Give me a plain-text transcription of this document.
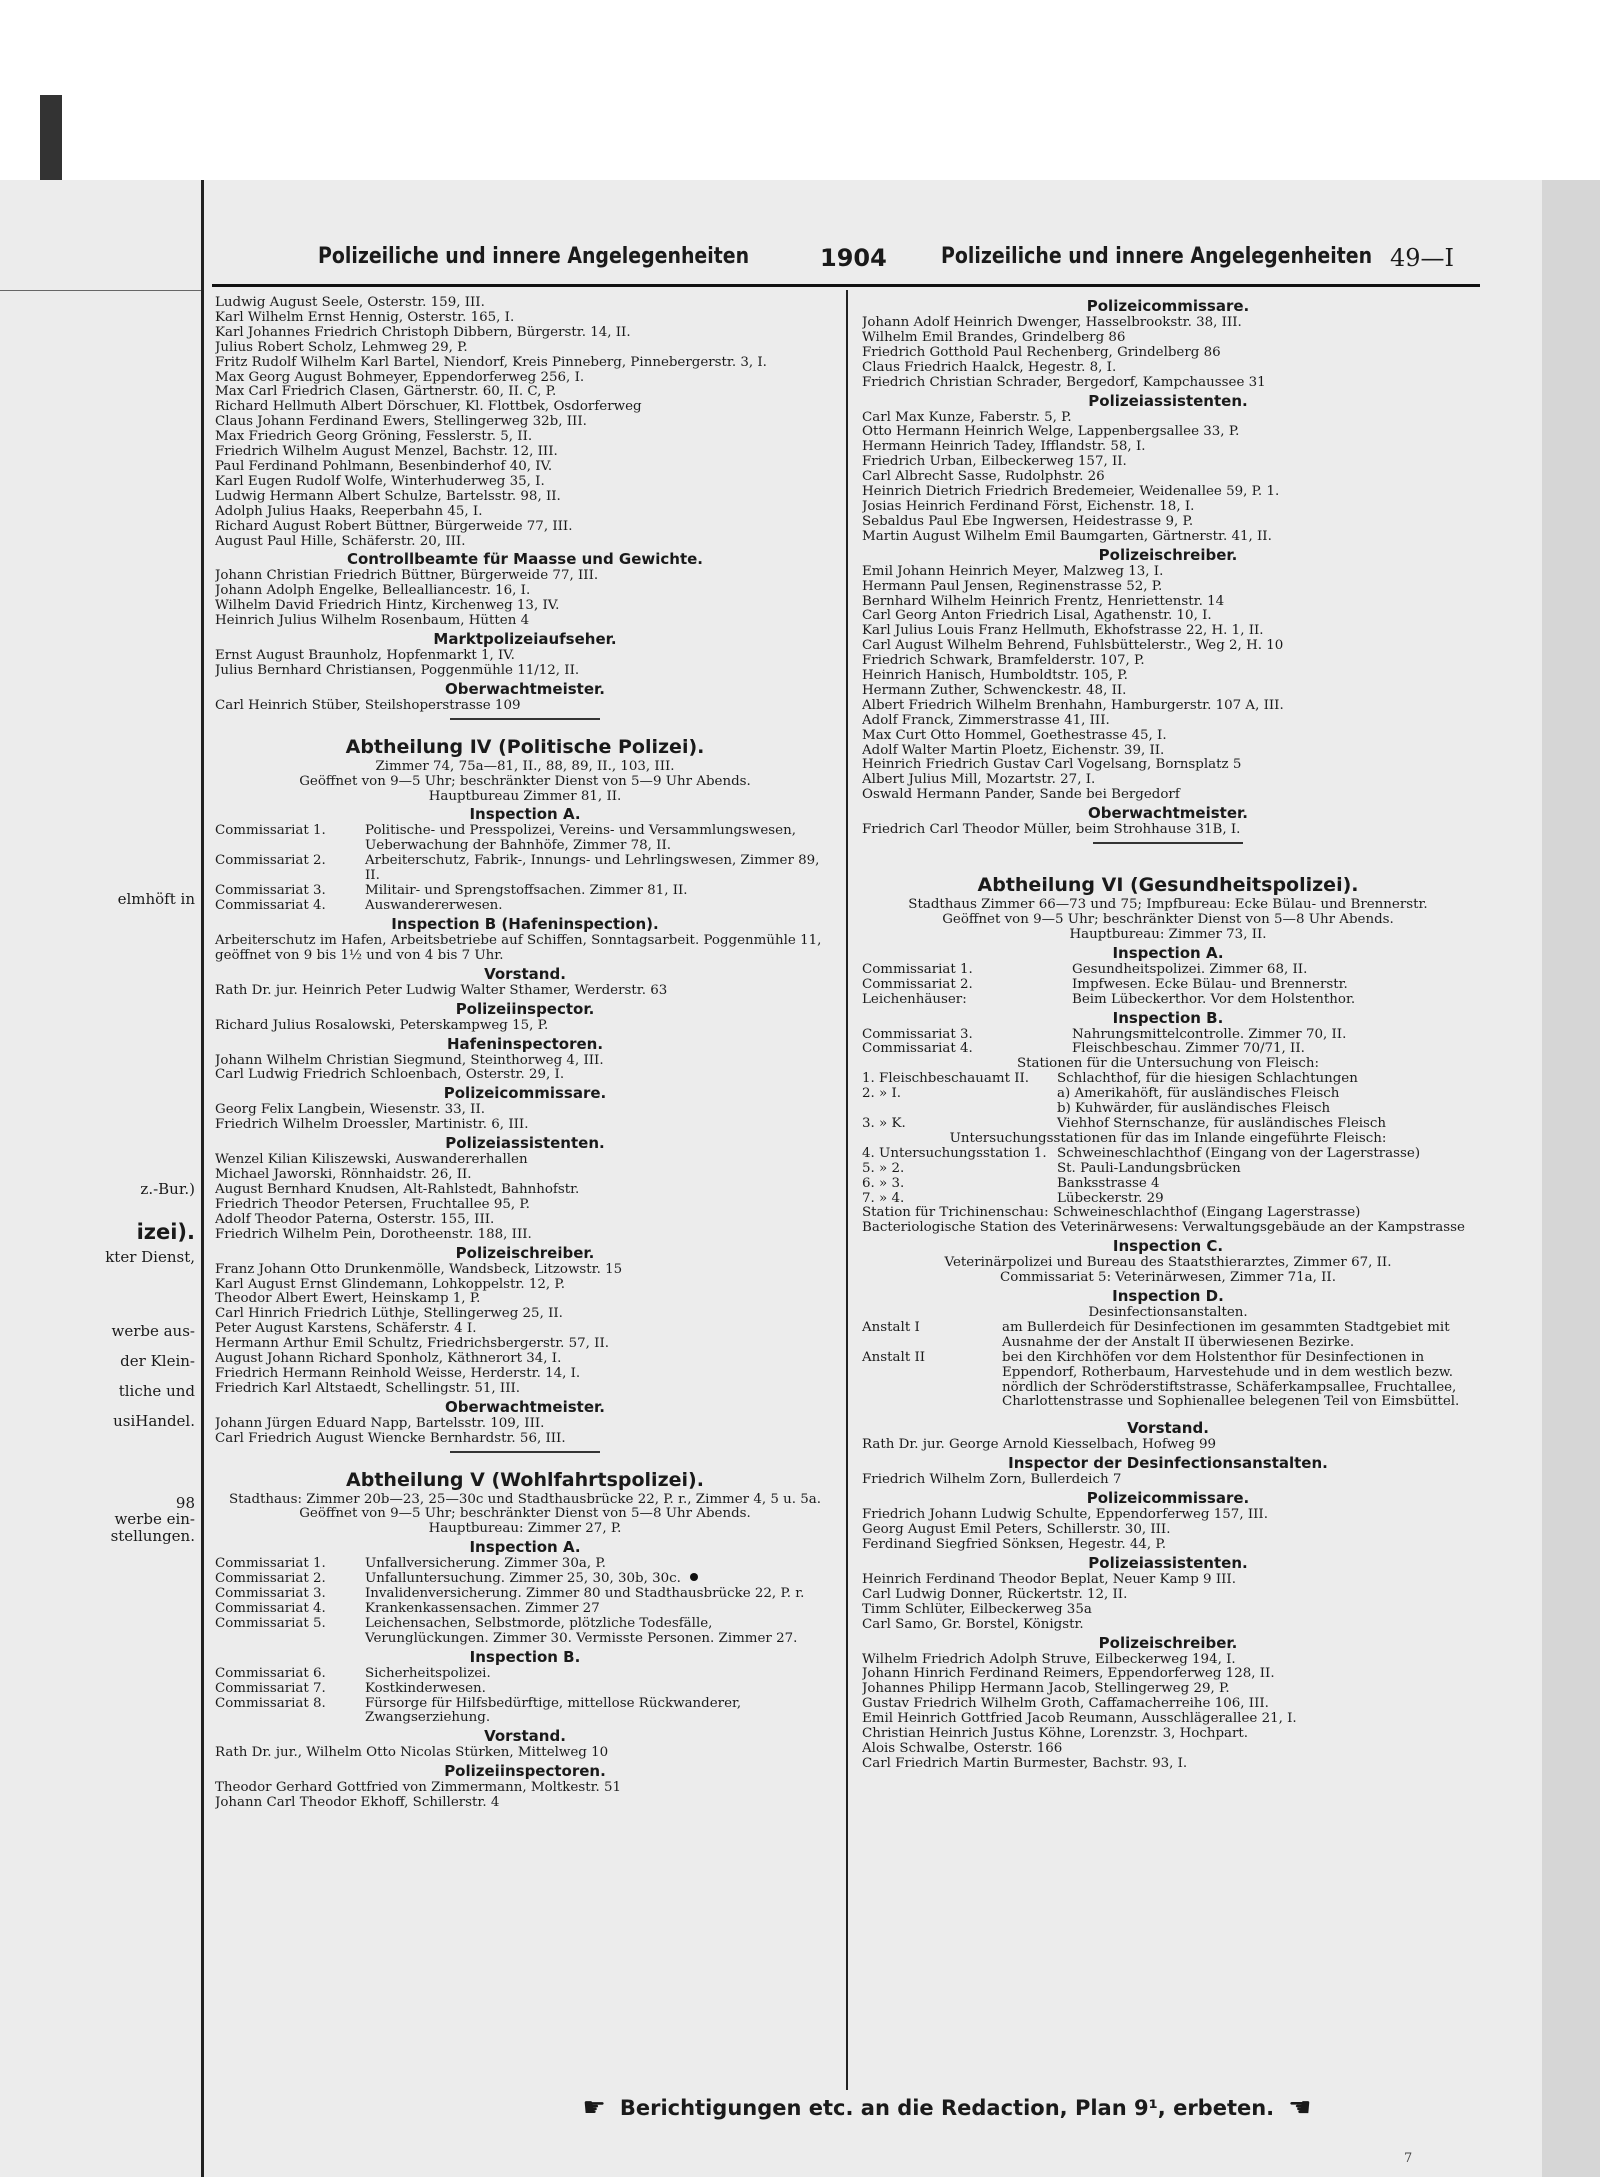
elmhöft in
z.-Bur.)
izei).
kter Dienst,
werbe aus-
der Klein-
tliche und
usiHandel.
98
werbe ein-
stellungen.
Polizeiliche und innere Angelegenheiten	1904 Polizeiliche und innere Angelegenheiten 49—I
Ludwig August Seele, Osterstr. 159, III.
Karl Wilhelm Ernst Hennig, Osterstr. 165, I.
Karl Johannes Friedrich Christoph Dibbern, Bürgerstr. 14, II.
Julius Robert Scholz, Lehmweg 29, P.
Fritz Rudolf Wilhelm Karl Bartel, Niendorf, Kreis Pinneberg, Pinnebergerstr. 3, I.
Max Georg August Bohmeyer, Eppendorferweg 256, I.
Max Carl Friedrich Clasen, Gärtnerstr. 60, II. C, P.
Richard Hellmuth Albert Dörschuer, Kl. Flottbek, Osdorferweg
Claus Johann Ferdinand Ewers, Stellingerweg 32b, III.
Max Friedrich Georg Gröning, Fesslerstr. 5, II.
Friedrich Wilhelm August Menzel, Bachstr. 12, III.
Paul Ferdinand Pohlmann, Besenbinderhof 40, IV.
Karl Eugen Rudolf Wolfe, Winterhuderweg 35, I.
Ludwig Hermann Albert Schulze, Bartelsstr. 98, II.
Adolph Julius Haaks, Reeperbahn 45, I.
Richard August Robert Büttner, Bürgerweide 77, III.
August Paul Hille, Schäferstr. 20, III.
Controllbeamte für Maasse und Gewichte.
Johann Christian Friedrich Büttner, Bürgerweide 77, III.
Johann Adolph Engelke, Bellealliancestr. 16, I.
Wilhelm David Friedrich Hintz, Kirchenweg 13, IV.
Heinrich Julius Wilhelm Rosenbaum, Hütten 4
Marktpolizeiaufseher.
Ernst August Braunholz, Hopfenmarkt 1, IV.
Julius Bernhard Christiansen, Poggenmühle 11/12, II.
Oberwachtmeister.
Carl Heinrich Stüber, Steilshoperstrasse 109
Abtheilung IV (Politische Polizei).
Zimmer 74, 75a—81, II., 88, 89, II., 103, III.
Geöffnet von 9—5 Uhr; beschränkter Dienst von 5—9 Uhr Abends.
Hauptbureau Zimmer 81, II.
Inspection A.
Commissariat 1.	Politische- und Presspolizei, Vereins- und Versammlungswesen, Ueberwachung der Bahnhöfe, Zimmer 78, II.
Commissariat 2.	Arbeiterschutz, Fabrik-, Innungs- und Lehrlingswesen, Zimmer 89, II.
Commissariat 3.	Militair- und Sprengstoffsachen. Zimmer 81, II.
Commissariat 4.	Auswandererwesen.
Inspection B (Hafeninspection).
Arbeiterschutz im Hafen, Arbeitsbetriebe auf Schiffen, Sonntagsarbeit. Poggenmühle 11, geöffnet von 9 bis 1½ und von 4 bis 7 Uhr.
Vorstand.
Rath Dr. jur. Heinrich Peter Ludwig Walter Sthamer, Werderstr. 63
Polizeiinspector.
Richard Julius Rosalowski, Peterskampweg 15, P.
Hafeninspectoren.
Johann Wilhelm Christian Siegmund, Steinthorweg 4, III.
Carl Ludwig Friedrich Schloenbach, Osterstr. 29, I.
Polizeicommissare.
Georg Felix Langbein, Wiesenstr. 33, II.
Friedrich Wilhelm Droessler, Martinistr. 6, III.
Polizeiassistenten.
Wenzel Kilian Kiliszewski, Auswandererhallen
Michael Jaworski, Rönnhaidstr. 26, II.
August Bernhard Knudsen, Alt-Rahlstedt, Bahnhofstr.
Friedrich Theodor Petersen, Fruchtallee 95, P.
Adolf Theodor Paterna, Osterstr. 155, III.
Friedrich Wilhelm Pein, Dorotheenstr. 188, III.
Polizeischreiber.
Franz Johann Otto Drunkenmölle, Wandsbeck, Litzowstr. 15
Karl August Ernst Glindemann, Lohkoppelstr. 12, P.
Theodor Albert Ewert, Heinskamp 1, P.
Carl Hinrich Friedrich Lüthje, Stellingerweg 25, II.
Peter August Karstens, Schäferstr. 4 I.
Hermann Arthur Emil Schultz, Friedrichsbergerstr. 57, II.
August Johann Richard Sponholz, Käthnerort 34, I.
Friedrich Hermann Reinhold Weisse, Herderstr. 14, I.
Friedrich Karl Altstaedt, Schellingstr. 51, III.
Oberwachtmeister.
Johann Jürgen Eduard Napp, Bartelsstr. 109, III.
Carl Friedrich August Wiencke Bernhardstr. 56, III.
Abtheilung V (Wohlfahrtspolizei).
Stadthaus: Zimmer 20b—23, 25—30c und Stadthausbrücke 22, P. r., Zimmer 4, 5 u. 5a.
Geöffnet von 9—5 Uhr; beschränkter Dienst von 5—8 Uhr Abends.
Hauptbureau: Zimmer 27, P.
Inspection A.
Commissariat 1.	Unfallversicherung. Zimmer 30a, P.
Commissariat 2.	Unfalluntersuchung. Zimmer 25, 30, 30b, 30c.
Commissariat 3.	Invalidenversicherung. Zimmer 80 und Stadthausbrücke 22, P. r.
Commissariat 4.	Krankenkassensachen. Zimmer 27
Commissariat 5.	Leichensachen, Selbstmorde, plötzliche Todesfälle, Verunglückungen. Zimmer 30. Vermisste Personen. Zimmer 27.
Inspection B.
Commissariat 6.	Sicherheitspolizei.
Commissariat 7.	Kostkinderwesen.
Commissariat 8.	Fürsorge für Hilfsbedürftige, mittellose Rückwanderer, Zwangserziehung.
Vorstand.
Rath Dr. jur., Wilhelm Otto Nicolas Stürken, Mittelweg 10
Polizeiinspectoren.
Theodor Gerhard Gottfried von Zimmermann, Moltkestr. 51
Johann Carl Theodor Ekhoff, Schillerstr. 4
Polizeicommissare.
Johann Adolf Heinrich Dwenger, Hasselbrookstr. 38, III.
Wilhelm Emil Brandes, Grindelberg 86
Friedrich Gotthold Paul Rechenberg, Grindelberg 86
Claus Friedrich Haalck, Hegestr. 8, I.
Friedrich Christian Schrader, Bergedorf, Kampchaussee 31
Polizeiassistenten.
Carl Max Kunze, Faberstr. 5, P.
Otto Hermann Heinrich Welge, Lappenbergsallee 33, P.
Hermann Heinrich Tadey, Ifflandstr. 58, I.
Friedrich Urban, Eilbeckerweg 157, II.
Carl Albrecht Sasse, Rudolphstr. 26
Heinrich Dietrich Friedrich Bredemeier, Weidenallee 59, P. 1.
Josias Heinrich Ferdinand Först, Eichenstr. 18, I.
Sebaldus Paul Ebe Ingwersen, Heidestrasse 9, P.
Martin August Wilhelm Emil Baumgarten, Gärtnerstr. 41, II.
Polizeischreiber.
Emil Johann Heinrich Meyer, Malzweg 13, I.
Hermann Paul Jensen, Reginenstrasse 52, P.
Bernhard Wilhelm Heinrich Frentz, Henriettenstr. 14
Carl Georg Anton Friedrich Lisal, Agathenstr. 10, I.
Karl Julius Louis Franz Hellmuth, Ekhofstrasse 22, H. 1, II.
Carl August Wilhelm Behrend, Fuhlsbüttelerstr., Weg 2, H. 10
Friedrich Schwark, Bramfelderstr. 107, P.
Heinrich Hanisch, Humboldtstr. 105, P.
Hermann Zuther, Schwenckestr. 48, II.
Albert Friedrich Wilhelm Brenhahn, Hamburgerstr. 107 A, III.
Adolf Franck, Zimmerstrasse 41, III.
Max Curt Otto Hommel, Goethestrasse 45, I.
Adolf Walter Martin Ploetz, Eichenstr. 39, II.
Heinrich Friedrich Gustav Carl Vogelsang, Bornsplatz 5
Albert Julius Mill, Mozartstr. 27, I.
Oswald Hermann Pander, Sande bei Bergedorf
Oberwachtmeister.
Friedrich Carl Theodor Müller, beim Strohhause 31B, I.
Abtheilung VI (Gesundheitspolizei).
Stadthaus Zimmer 66—73 und 75; Impfbureau: Ecke Bülau- und Brennerstr.
Geöffnet von 9—5 Uhr; beschränkter Dienst von 5—8 Uhr Abends.
Hauptbureau: Zimmer 73, II.
Inspection A.
Commissariat 1.	Gesundheitspolizei. Zimmer 68, II.
Commissariat 2.	Impfwesen. Ecke Bülau- und Brennerstr.
Leichenhäuser:	Beim Lübeckerthor. Vor dem Holstenthor.
Inspection B.
Commissariat 3.	Nahrungsmittelcontrolle. Zimmer 70, II.
Commissariat 4.	Fleischbeschau. Zimmer 70/71, II.
Stationen für die Untersuchung von Fleisch:
1. Fleischbeschauamt II.	Schlachthof, für die hiesigen Schlachtungen
2. » I.	a) Amerikahöft, für ausländisches Fleisch
b) Kuhwärder, für ausländisches Fleisch
3. » K.	Viehhof Sternschanze, für ausländisches Fleisch
Untersuchungsstationen für das im Inlande eingeführte Fleisch:
4. Untersuchungsstation 1. Schweineschlachthof (Eingang von der Lagerstrasse)
5. » 2.	St. Pauli-Landungsbrücken
6. » 3.	Banksstrasse 4
7. » 4.	Lübeckerstr. 29
Station für Trichinenschau: Schweineschlachthof (Eingang Lagerstrasse)
Bacteriologische Station des Veterinärwesens: Verwaltungsgebäude an der Kampstrasse
Inspection C.
Veterinärpolizei und Bureau des Staatsthierarztes, Zimmer 67, II.
Commissariat 5: Veterinärwesen, Zimmer 71a, II.
Inspection D.
Desinfectionsanstalten.
Anstalt I	am Bullerdeich für Desinfectionen im gesammten Stadtgebiet mit Ausnahme der der Anstalt II überwiesenen Bezirke.
Anstalt II	bei den Kirchhöfen vor dem Holstenthor für Desinfectionen in Eppendorf, Rotherbaum, Harvestehude und in dem westlich bezw. nördlich der Schröderstiftstrasse, Schäferkampsallee, Fruchtallee, Charlottenstrasse und Sophienallee belegenen Teil von Eimsbüttel.
Vorstand.
Rath Dr. jur. George Arnold Kiesselbach, Hofweg 99
Inspector der Desinfectionsanstalten.
Friedrich Wilhelm Zorn, Bullerdeich 7
Polizeicommissare.
Friedrich Johann Ludwig Schulte, Eppendorferweg 157, III.
Georg August Emil Peters, Schillerstr. 30, III.
Ferdinand Siegfried Sönksen, Hegestr. 44, P.
Polizeiassistenten.
Heinrich Ferdinand Theodor Beplat, Neuer Kamp 9 III.
Carl Ludwig Donner, Rückertstr. 12, II.
Timm Schlüter, Eilbeckerweg 35a
Carl Samo, Gr. Borstel, Königstr.
Polizeischreiber.
Wilhelm Friedrich Adolph Struve, Eilbeckerweg 194, I.
Johann Hinrich Ferdinand Reimers, Eppendorferweg 128, II.
Johannes Philipp Hermann Jacob, Stellingerweg 29, P.
Gustav Friedrich Wilhelm Groth, Caffamacherreihe 106, III.
Emil Heinrich Gottfried Jacob Reumann, Ausschlägerallee 21, I.
Christian Heinrich Justus Köhne, Lorenzstr. 3, Hochpart.
Alois Schwalbe, Osterstr. 166
Carl Friedrich Martin Burmester, Bachstr. 93, I.
☛ Berichtigungen etc. an die Redaction, Plan 9¹, erbeten. ☚
7
